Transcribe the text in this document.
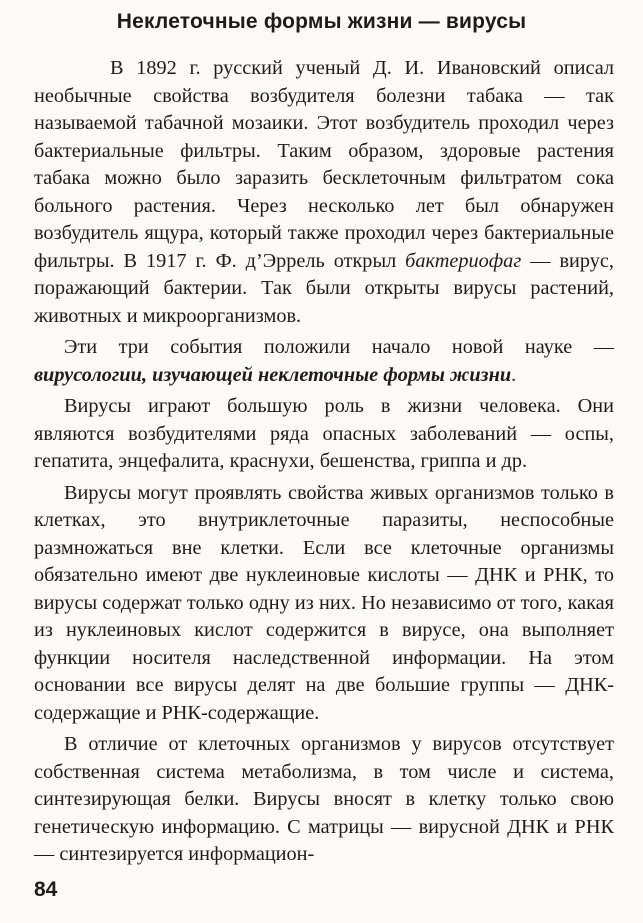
Неклеточные формы жизни — вирусы

В 1892 г. русский ученый Д. И. Ивановский описал необычные свойства возбудителя болезни табака — так называемой табачной мозаики. Этот возбудитель проходил через бактериальные фильтры. Таким образом, здоровые растения табака можно было заразить бесклеточным фильтратом сока больного растения. Через несколько лет был обнаружен возбудитель ящура, который также проходил через бактериальные фильтры. В 1917 г. Ф. д’Эррель открыл бактериофаг — вирус, поражающий бактерии. Так были открыты вирусы растений, животных и микроорганизмов.

Эти три события положили начало новой науке — вирусологии, изучающей неклеточные формы жизни.

Вирусы играют большую роль в жизни человека. Они являются возбудителями ряда опасных заболеваний — оспы, гепатита, энцефалита, краснухи, бешенства, гриппа и др.

Вирусы могут проявлять свойства живых организмов только в клетках, это внутриклеточные паразиты, неспособные размножаться вне клетки. Если все клеточные организмы обязательно имеют две нуклеиновые кислоты — ДНК и РНК, то вирусы содержат только одну из них. Но независимо от того, какая из нуклеиновых кислот содержится в вирусе, она выполняет функции носителя наследственной информации. На этом основании все вирусы делят на две большие группы — ДНК-содержащие и РНК-содержащие.

В отличие от клеточных организмов у вирусов отсутствует собственная система метаболизма, в том числе и система, синтезирующая белки. Вирусы вносят в клетку только свою генетическую информацию. С матрицы — вирусной ДНК и РНК — синтезируется информацион-

84
